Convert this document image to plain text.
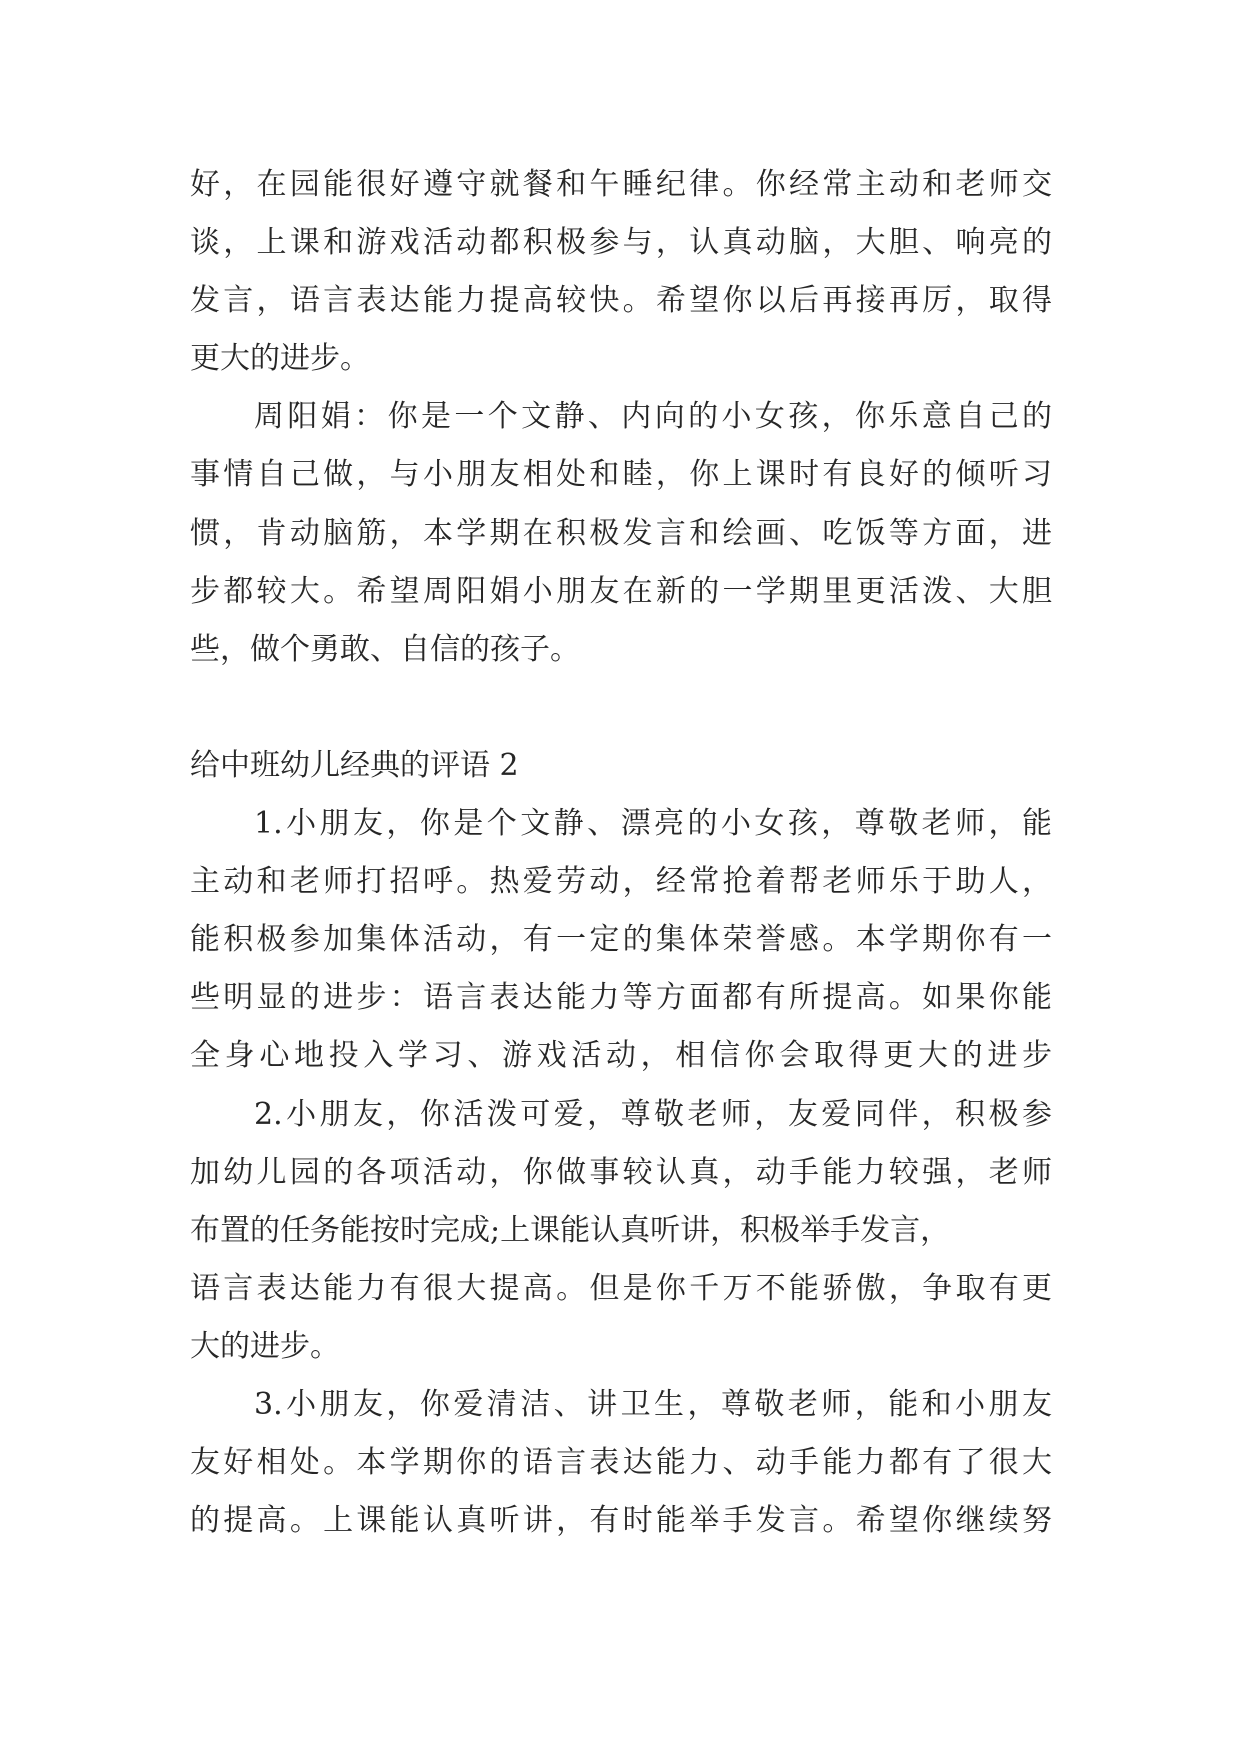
好，在园能很好遵守就餐和午睡纪律。你经常主动和老师交
谈，上课和游戏活动都积极参与，认真动脑，大胆、响亮的
发言，语言表达能力提高较快。希望你以后再接再厉，取得
更大的进步。
周阳娟：你是一个文静、内向的小女孩，你乐意自己的
事情自己做，与小朋友相处和睦，你上课时有良好的倾听习
惯，肯动脑筋，本学期在积极发言和绘画、吃饭等方面，进
步都较大。希望周阳娟小朋友在新的一学期里更活泼、大胆
些，做个勇敢、自信的孩子。
给中班幼儿经典的评语 2
1.小朋友，你是个文静、漂亮的小女孩，尊敬老师，能
主动和老师打招呼。热爱劳动，经常抢着帮老师乐于助人，
能积极参加集体活动，有一定的集体荣誉感。本学期你有一
些明显的进步：语言表达能力等方面都有所提高。如果你能
全身心地投入学习、游戏活动，相信你会取得更大的进步
2.小朋友，你活泼可爱，尊敬老师，友爱同伴，积极参
加幼儿园的各项活动，你做事较认真，动手能力较强，老师
布置的任务能按时完成;上课能认真听讲，积极举手发言，
语言表达能力有很大提高。但是你千万不能骄傲，争取有更
大的进步。
3.小朋友，你爱清洁、讲卫生，尊敬老师，能和小朋友
友好相处。本学期你的语言表达能力、动手能力都有了很大
的提高。上课能认真听讲，有时能举手发言。希望你继续努
